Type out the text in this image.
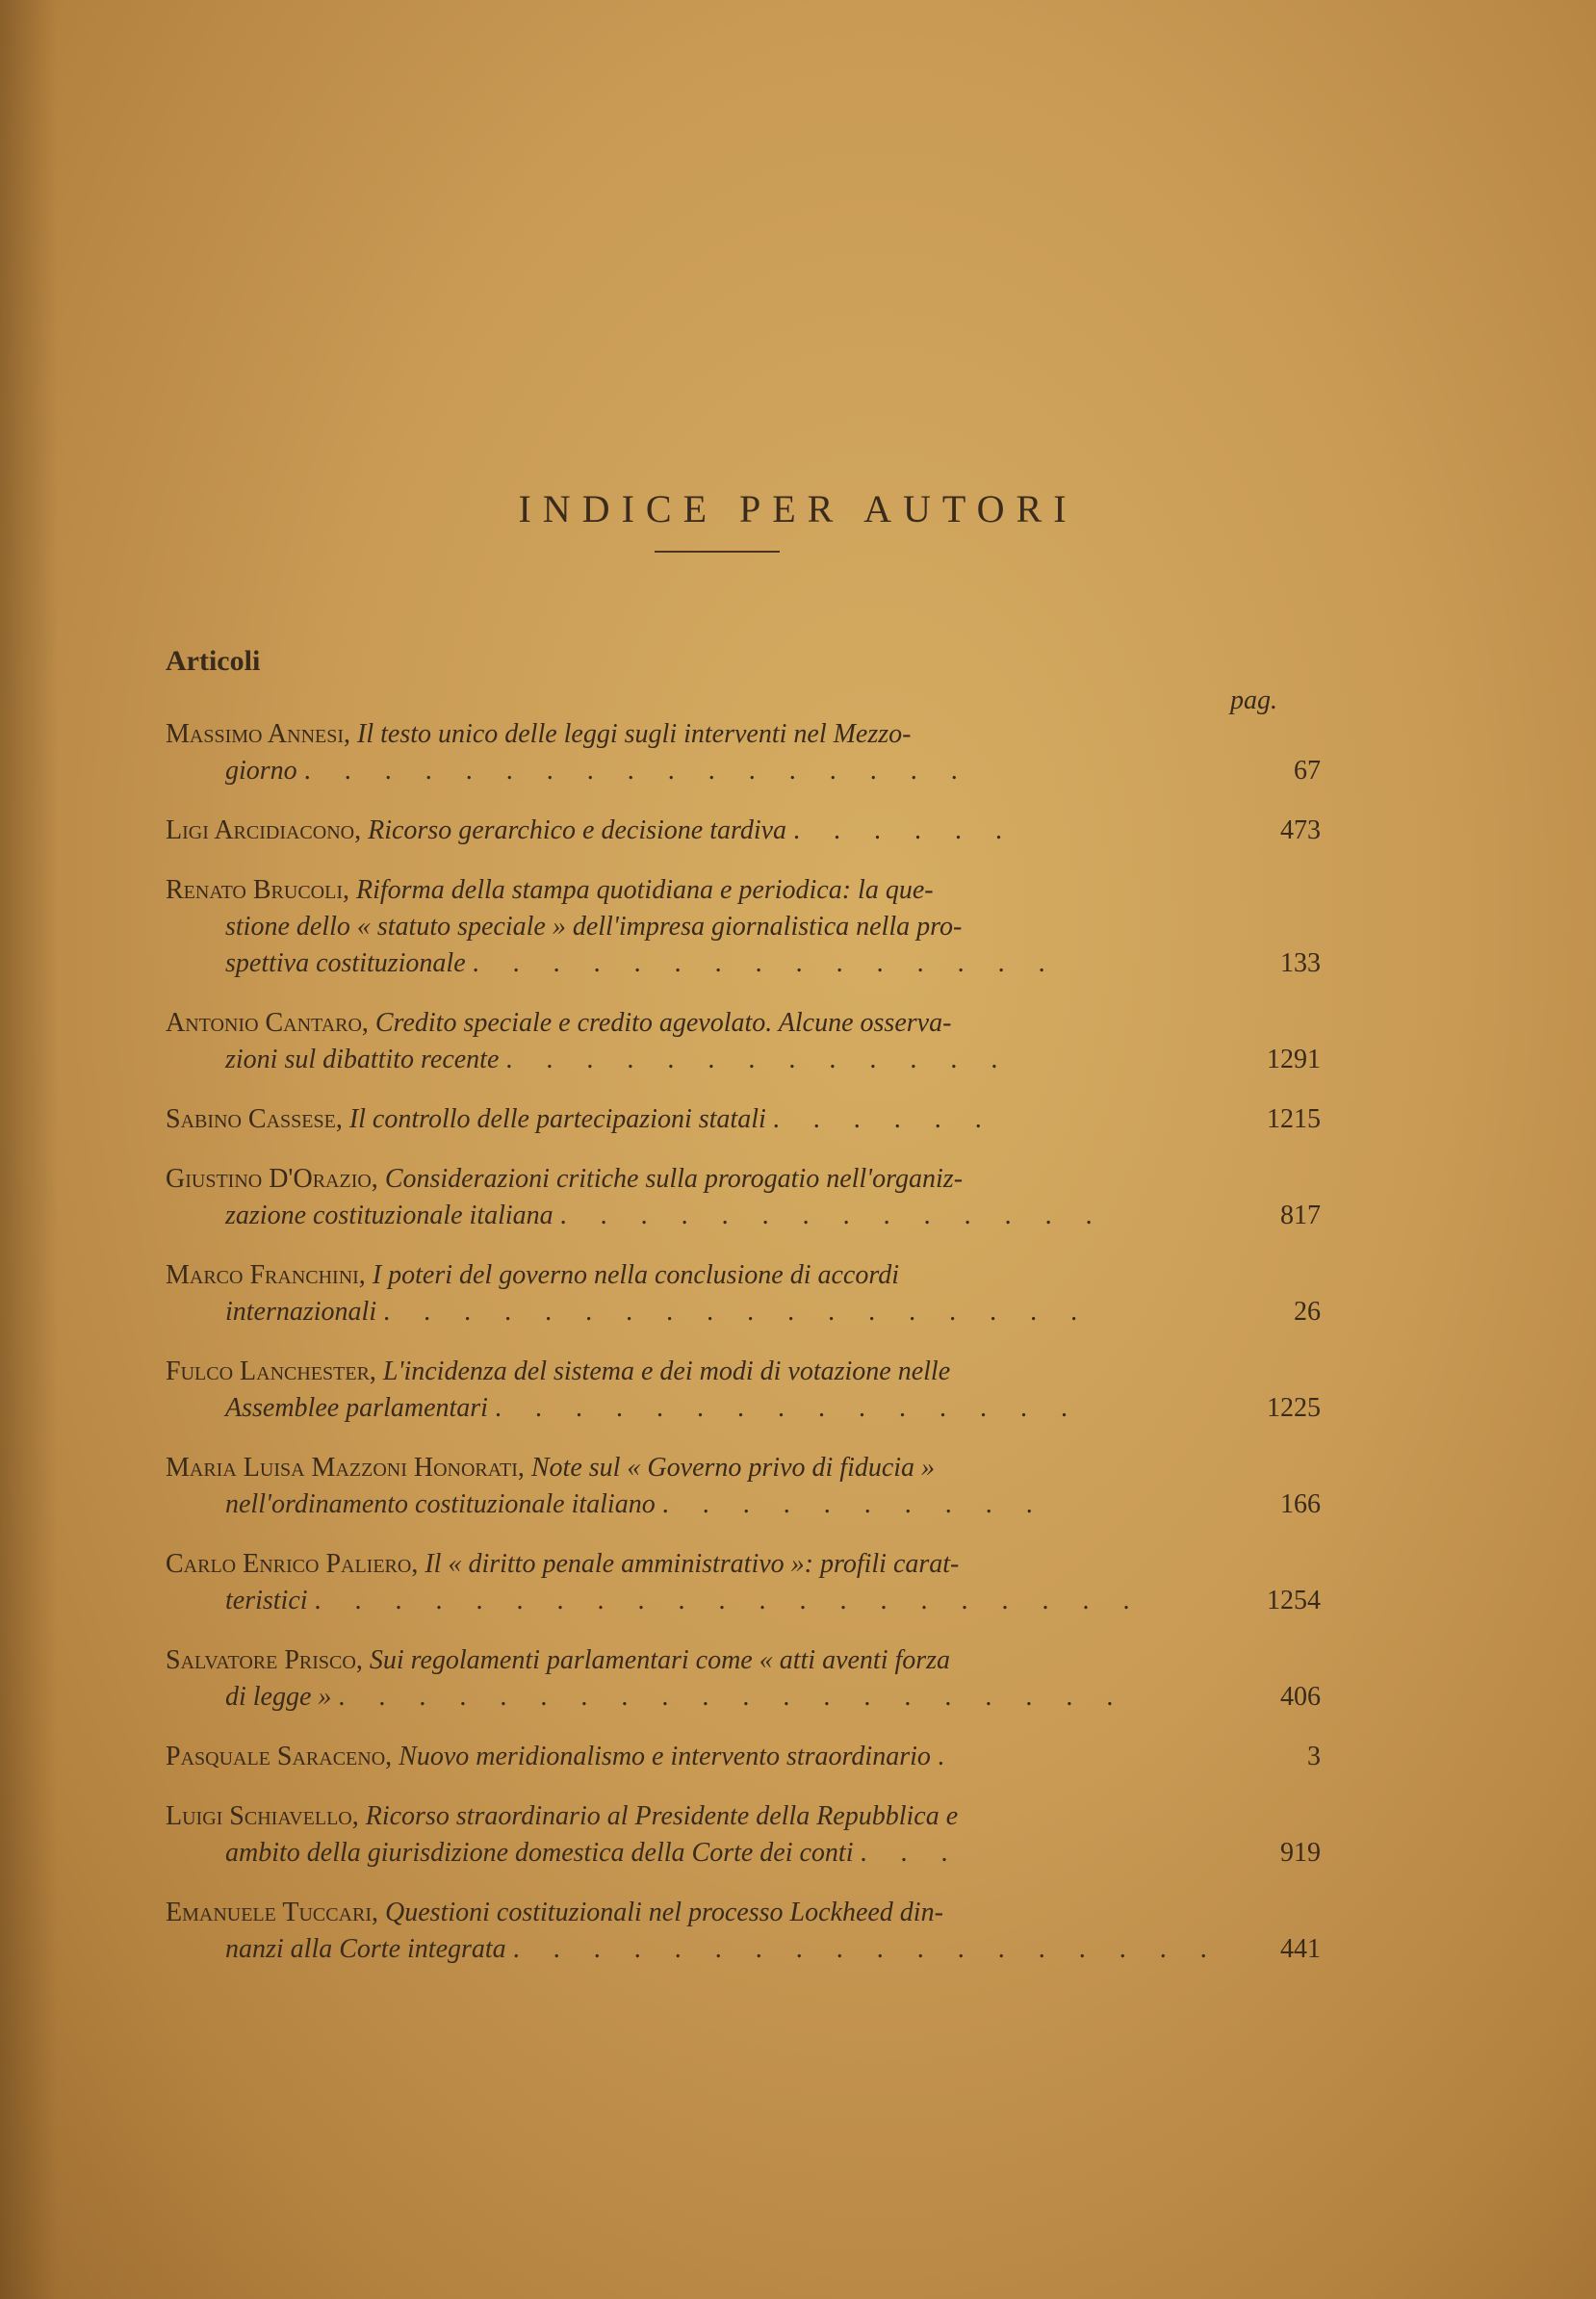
INDICE PER AUTORI
Articoli
pag.
Massimo Annesi, Il testo unico delle leggi sugli interventi nel Mezzo-
giorno . . . . . . . . . . . . . . . . .	67
Ligi Arcidiacono, Ricorso gerarchico e decisione tardiva . . . . . .	473
Renato Brucoli, Riforma della stampa quotidiana e periodica: la que-
stione dello « statuto speciale » dell'impresa giornalistica nella pro-
spettiva costituzionale . . . . . . . . . . . . . . .	133
Antonio Cantaro, Credito speciale e credito agevolato. Alcune osserva-
zioni sul dibattito recente . . . . . . . . . . . . .	1291
Sabino Cassese, Il controllo delle partecipazioni statali . . . . . .	1215
Giustino D'Orazio, Considerazioni critiche sulla prorogatio nell'organiz-
zazione costituzionale italiana . . . . . . . . . . . . . .	817
Marco Franchini, I poteri del governo nella conclusione di accordi
internazionali . . . . . . . . . . . . . . . . . .	26
Fulco Lanchester, L'incidenza del sistema e dei modi di votazione nelle
Assemblee parlamentari . . . . . . . . . . . . . . .	1225
Maria Luisa Mazzoni Honorati, Note sul « Governo privo di fiducia »
nell'ordinamento costituzionale italiano . . . . . . . . . .	166
Carlo Enrico Paliero, Il « diritto penale amministrativo »: profili carat-
teristici . . . . . . . . . . . . . . . . . . . . .	1254
Salvatore Prisco, Sui regolamenti parlamentari come « atti aventi forza
di legge » . . . . . . . . . . . . . . . . . . . .	406
Pasquale Saraceno, Nuovo meridionalismo e intervento straordinario .	3
Luigi Schiavello, Ricorso straordinario al Presidente della Repubblica e
ambito della giurisdizione domestica della Corte dei conti . . .	919
Emanuele Tuccari, Questioni costituzionali nel processo Lockheed din-
nanzi alla Corte integrata . . . . . . . . . . . . . . . . . .	441
